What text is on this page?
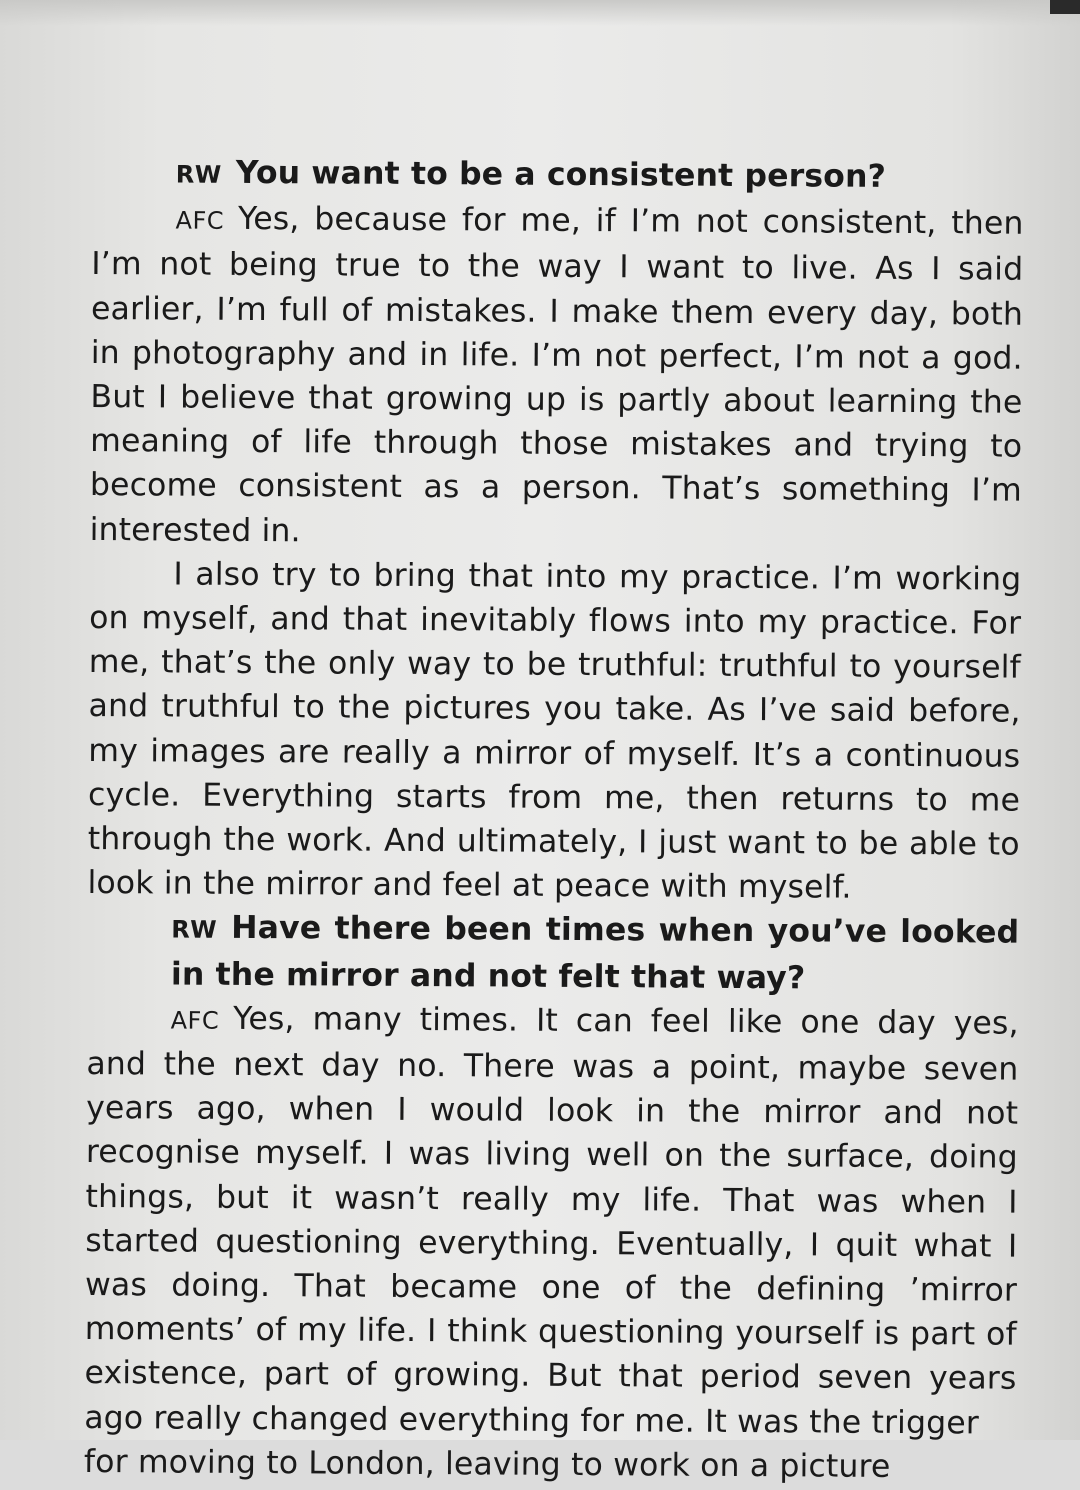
RW You want to be a consistent person?

AFC Yes, because for me, if I’m not consistent, then I’m not being true to the way I want to live. As I said earlier, I’m full of mistakes. I make them every day, both in photography and in life. I’m not perfect, I’m not a god. But I believe that growing up is partly about learning the meaning of life through those mistakes and trying to become consistent as a person. That’s something I’m interested in.

I also try to bring that into my practice. I’m working on myself, and that inevitably flows into my practice. For me, that’s the only way to be truthful: truthful to yourself and truthful to the pictures you take. As I’ve said before, my images are really a mirror of myself. It’s a continuous cycle. Everything starts from me, then returns to me through the work. And ultimately, I just want to be able to look in the mirror and feel at peace with myself.

RW Have there been times when you’ve looked in the mirror and not felt that way?

AFC Yes, many times. It can feel like one day yes, and the next day no. There was a point, maybe seven years ago, when I would look in the mirror and not recognise myself. I was living well on the surface, doing things, but it wasn’t really my life. That was when I started questioning everything. Eventually, I quit what I was doing. That became one of the defining ’mirror moments’ of my life. I think questioning yourself is part of existence, part of growing. But that period seven years ago really changed everything for me. It was the trigger

for moving to London, leaving to work on a picture
